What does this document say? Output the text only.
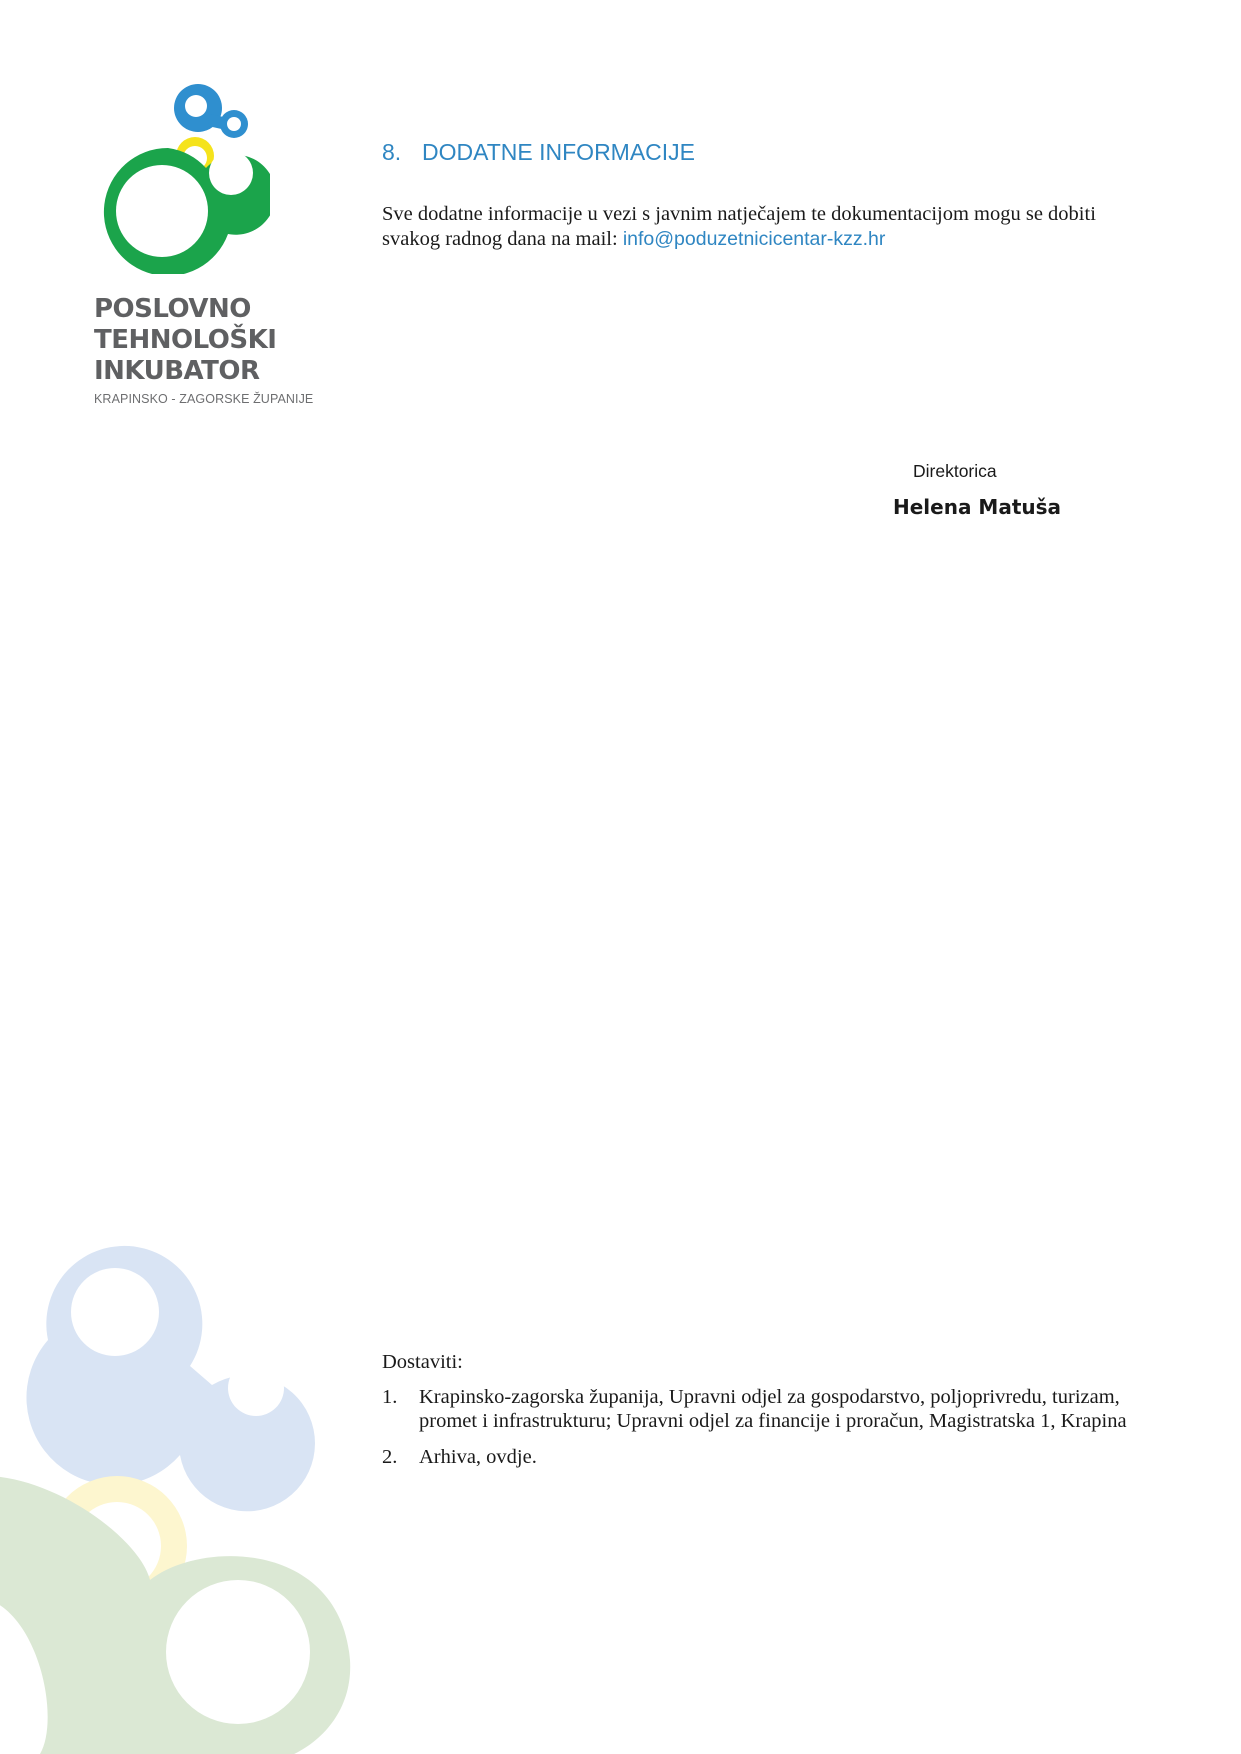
POSLOVNO
TEHNOLOŠKI
INKUBATOR
KRAPINSKO - ZAGORSKE ŽUPANIJE
8. DODATNE INFORMACIJE
Sve dodatne informacije u vezi s javnim natječajem te dokumentacijom mogu se dobiti svakog radnog dana na mail: info@poduzetnicicentar-kzz.hr
Direktorica
Helena Matuša
Dostaviti:
1. Krapinsko-zagorska županija, Upravni odjel za gospodarstvo, poljoprivredu, turizam, promet i infrastrukturu; Upravni odjel za financije i proračun, Magistratska 1, Krapina
2. Arhiva, ovdje.
